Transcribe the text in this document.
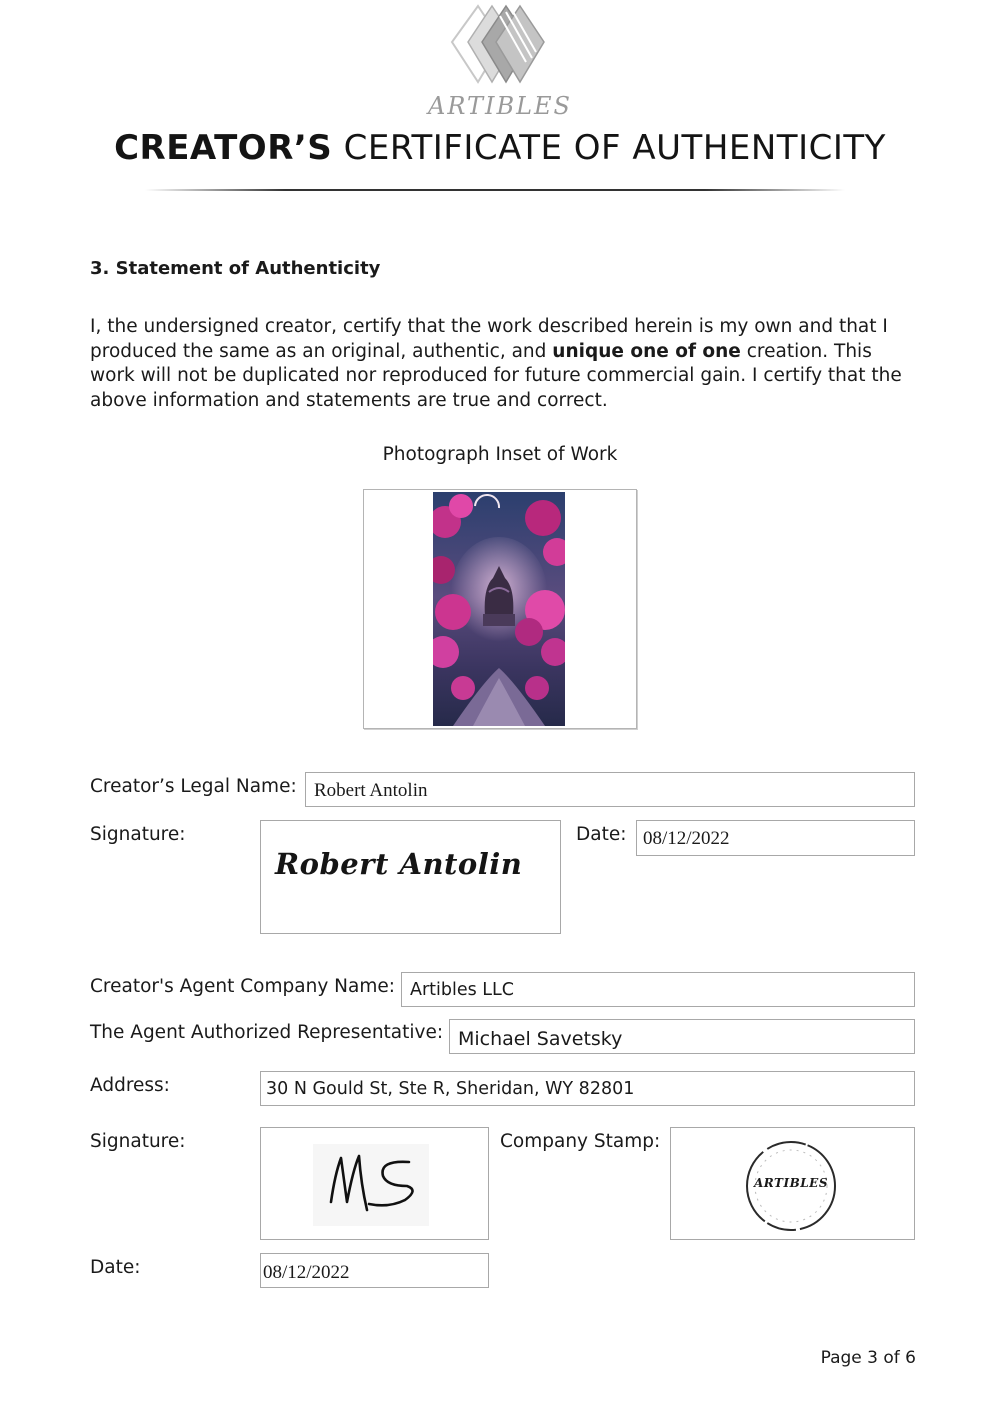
ARTIBLES
CREATOR’S CERTIFICATE OF AUTHENTICITY
3. Statement of Authenticity
I, the undersigned creator, certify that the work described herein is my own and that I produced the same as an original, authentic, and unique one of one creation. This work will not be duplicated nor reproduced for future commercial gain. I certify that the above information and statements are true and correct.
Photograph Inset of Work
Creator’s Legal Name: Robert Antolin
Signature:
Robert Antolin
Date: 08/12/2022
Creator's Agent Company Name: Artibles LLC
The Agent Authorized Representative: Michael Savetsky
Address:	30 N Gould St, Ste R, Sheridan, WY 82801
Signature:	Company Stamp:
ARTIBLES
Date:	08/12/2022
Page 3 of 6
